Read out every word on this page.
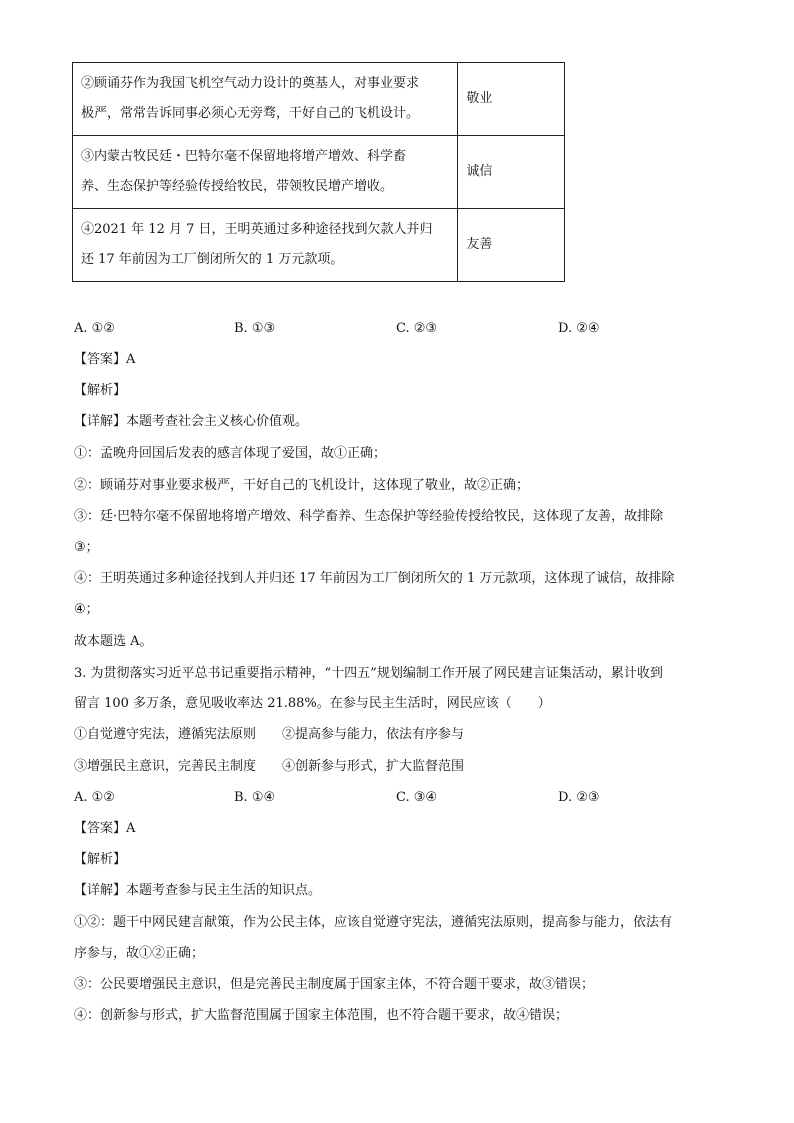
②顾诵芬作为我国飞机空气动力设计的奠基人，对事业要求
极严，常常告诉同事必须心无旁骛，干好自己的飞机设计。	敬业

③内蒙古牧民廷・巴特尔毫不保留地将增产增效、科学畜
养、生态保护等经验传授给牧民，带领牧民增产增收。	诚信

④2021 年 12 月 7 日，王明英通过多种途径找到欠款人并归
还 17 年前因为工厂倒闭所欠的 1 万元款项。	友善
A. ①②	B. ①③	C. ②③	D. ②④
【答案】A
【解析】
【详解】本题考查社会主义核心价值观。
①：孟晚舟回国后发表的感言体现了爱国，故①正确；
②：顾诵芬对事业要求极严，干好自己的飞机设计，这体现了敬业，故②正确；
③：廷·巴特尔毫不保留地将增产增效、科学畜养、生态保护等经验传授给牧民，这体现了友善，故排除
③；
④：王明英通过多种途径找到人并归还 17 年前因为工厂倒闭所欠的 1 万元款项，这体现了诚信，故排除
④；
故本题选 A。
3. 为贯彻落实习近平总书记重要指示精神，“十四五”规划编制工作开展了网民建言证集活动，累计收到
留言 100 多万条，意见吸收率达 21.88%。在参与民主生活时，网民应该（　　）
①自觉遵守宪法，遵循宪法原则　　②提高参与能力，依法有序参与
③增强民主意识，完善民主制度　　④创新参与形式，扩大监督范围
A. ①②	B. ①④	C. ③④	D. ②③
【答案】A
【解析】
【详解】本题考查参与民主生活的知识点。
①②：题干中网民建言献策，作为公民主体，应该自觉遵守宪法，遵循宪法原则，提高参与能力，依法有
序参与，故①②正确；
③：公民要增强民主意识，但是完善民主制度属于国家主体，不符合题干要求，故③错误；
④：创新参与形式，扩大监督范围属于国家主体范围，也不符合题干要求，故④错误；
